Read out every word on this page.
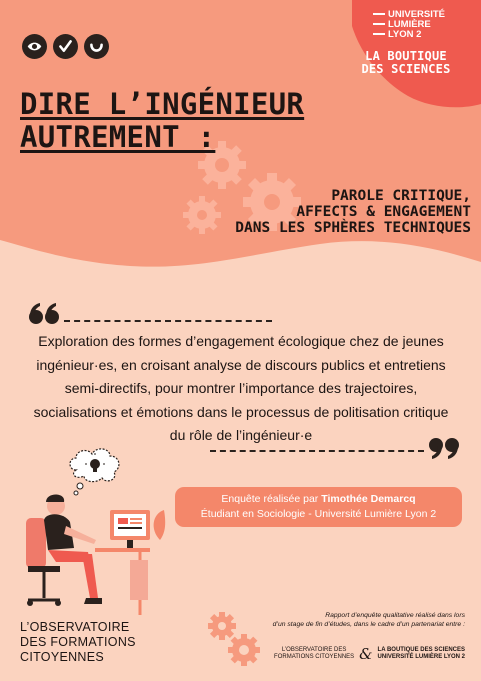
UNIVERSITÉ
LUMIÈRE
LYON 2
LA BOUTIQUE
DES SCIENCES
DIRE L’INGÉNIEUR
AUTREMENT :
PAROLE CRITIQUE,
AFFECTS & ENGAGEMENT
DANS LES SPHÈRES TECHNIQUES
Exploration des formes d’engagement écologique chez de jeunes ingénieur·es, en croisant analyse de discours publics et entretiens semi-directifs, pour montrer l’importance des trajectoires, socialisations et émotions dans le processus de politisation critique du rôle de l’ingénieur·e
Enquête réalisée par Timothée Demarcq
Étudiant en Sociologie - Université Lumière Lyon 2
L’OBSERVATOIRE
DES FORMATIONS
CITOYENNES
Rapport d’enquête qualitative réalisé dans lors
d’un stage de fin d’études, dans le cadre d’un partenariat entre :
L’OBSERVATOIRE DES
FORMATIONS CITOYENNES & LA BOUTIQUE DES SCIENCES
UNIVERSITÉ LUMIÈRE LYON 2
